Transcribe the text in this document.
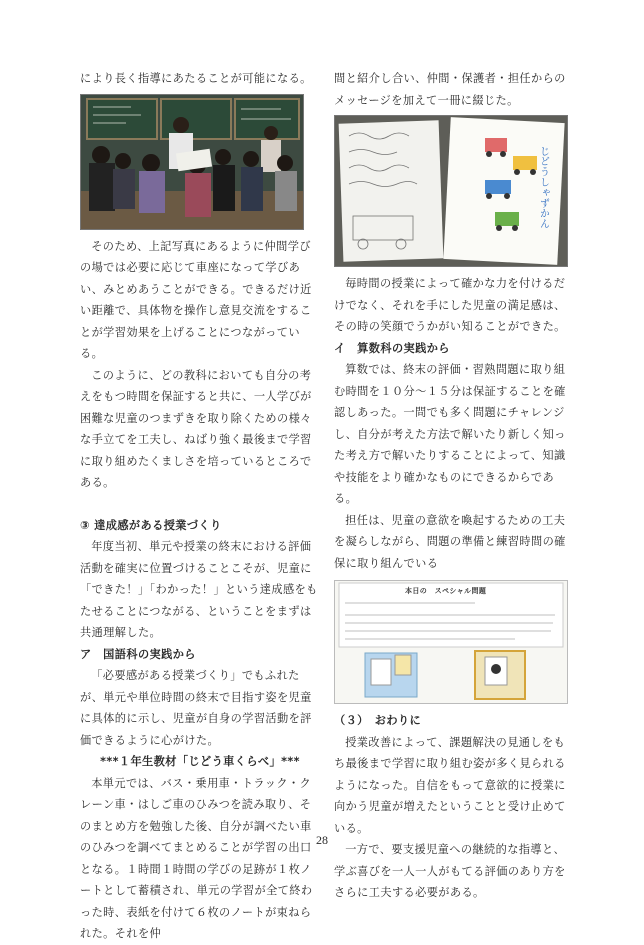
により長く指導にあたることが可能になる。

そのため、上記写真にあるように仲間学びの場では必要に応じて車座になって学びあい、みとめあうことができる。できるだけ近い距離で、具体物を操作し意見交流をすることが学習効果を上げることにつながっている。

このように、どの教科においても自分の考えをもつ時間を保証すると共に、一人学びが困難な児童のつまずきを取り除くための様々な手立てを工夫し、ねばり強く最後まで学習に取り組めたくましさを培っているところである。

③ 達成感がある授業づくり

年度当初、単元や授業の終末における評価活動を確実に位置づけることこそが、児童に「できた！」「わかった！」という達成感をもたせることにつながる、ということをまずは共通理解した。

ア　国語科の実践から

「必要感がある授業づくり」でもふれたが、単元や単位時間の終末で目指す姿を児童に具体的に示し、児童が自身の学習活動を評価できるように心がけた。

***１年生教材「じどう車くらべ」***

本単元では、バス・乗用車・トラック・クレーン車・はしご車のひみつを読み取り、そのまとめ方を勉強した後、自分が調べたい車のひみつを調べてまとめることが学習の出口となる。１時間１時間の学びの足跡が１枚ノートとして蓄積され、単元の学習が全て終わった時、表紙を付けて６枚のノートが束ねられた。それを仲

間と紹介し合い、仲間・保護者・担任からのメッセージを加えて一冊に綴じた。

じどうしゃずかん

毎時間の授業によって確かな力を付けるだけでなく、それを手にした児童の満足感は、その時の笑顔でうかがい知ることができた。

イ　算数科の実践から

算数では、終末の評価・習熟問題に取り組む時間を１０分～１５分は保証することを確認しあった。一問でも多く問題にチャレンジし、自分が考えた方法で解いたり新しく知った考え方で解いたりすることによって、知識や技能をより確かなものにできるからである。

担任は、児童の意欲を喚起するための工夫を凝らしながら、問題の準備と練習時間の確保に取り組んでいる

本日の　スペシャル問題

（３）　おわりに

授業改善によって、課題解決の見通しをもち最後まで学習に取り組む姿が多く見られるようになった。自信をもって意欲的に授業に向かう児童が増えたということと受け止めている。

一方で、要支援児童への継続的な指導と、学ぶ喜びを一人一人がもてる評価のあり方をさらに工夫する必要がある。

28
